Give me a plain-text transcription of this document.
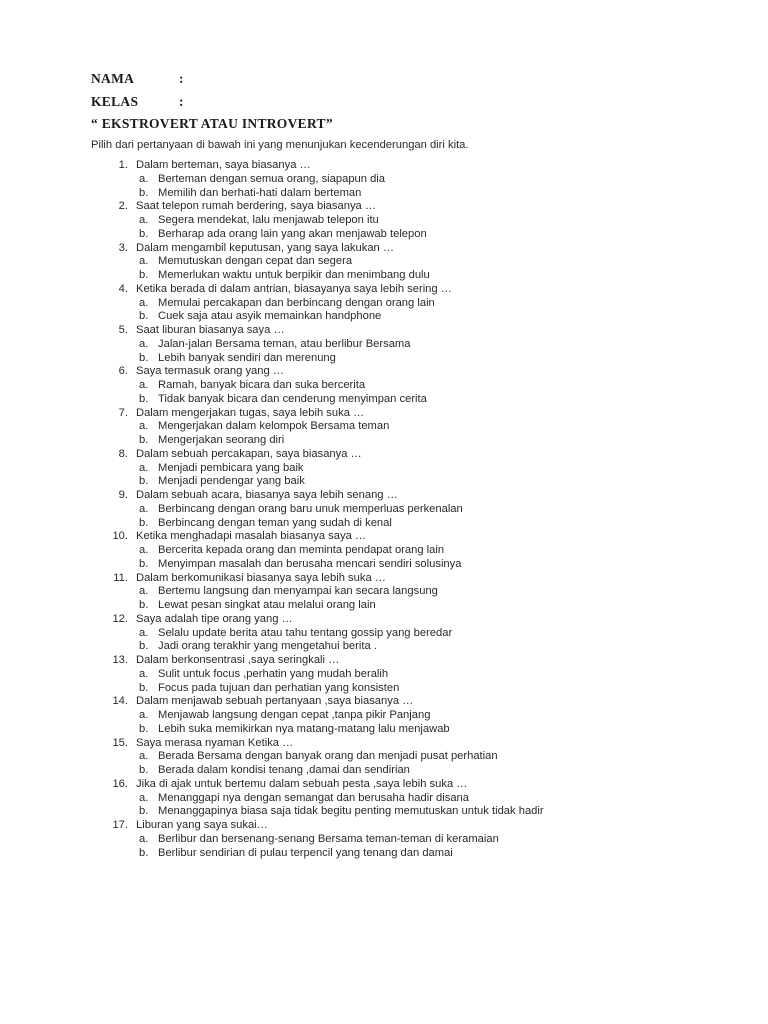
NAMA	:
KELAS	:
“ EKSTROVERT ATAU INTROVERT”
Pilih dari pertanyaan di bawah ini yang menunjukan kecenderungan diri kita.
1. Dalam berteman, saya biasanya …
a. Berteman dengan semua orang, siapapun dia
b. Memilih dan berhati-hati dalam berteman
2. Saat telepon rumah berdering, saya biasanya …
a. Segera mendekat, lalu menjawab telepon itu
b. Berharap ada orang lain yang akan menjawab telepon
3. Dalam mengambil keputusan, yang saya lakukan …
a. Memutuskan dengan cepat dan segera
b. Memerlukan waktu untuk berpikir dan menimbang dulu
4. Ketika berada di dalam antrian, biasayanya saya lebih sering …
a. Memulai percakapan dan berbincang dengan orang lain
b. Cuek saja atau asyik memainkan handphone
5. Saat liburan biasanya saya …
a. Jalan-jalan Bersama teman, atau berlibur Bersama
b. Lebih banyak sendiri dan merenung
6. Saya termasuk orang yang …
a. Ramah, banyak bicara dan suka bercerita
b. Tidak banyak bicara dan cenderung menyimpan cerita
7. Dalam mengerjakan tugas, saya lebih suka …
a. Mengerjakan dalam kelompok Bersama teman
b. Mengerjakan seorang diri
8. Dalam sebuah percakapan, saya biasanya …
a. Menjadi pembicara yang baik
b. Menjadi pendengar yang baik
9. Dalam sebuah acara, biasanya saya lebih senang …
a. Berbincang dengan orang baru unuk memperluas perkenalan
b. Berbincang dengan teman yang sudah di kenal
10. Ketika menghadapi masalah biasanya saya …
a. Bercerita kepada orang dan meminta pendapat orang lain
b. Menyimpan masalah dan berusaha mencari sendiri solusinya
11. Dalam berkomunikasi biasanya saya lebih suka …
a. Bertemu langsung dan menyampai kan secara langsung
b. Lewat pesan singkat atau melalui orang lain
12. Saya adalah tipe orang yang …
a. Selalu update berita atau tahu tentang gossip yang beredar
b. Jadi orang terakhir yang mengetahui berita .
13. Dalam berkonsentrasi ,saya seringkali …
a. Sulit untuk focus ,perhatin yang mudah beralih
b. Focus pada tujuan dan perhatian yang konsisten
14. Dalam menjawab sebuah pertanyaan ,saya biasanya …
a. Menjawab langsung dengan cepat ,tanpa pikir Panjang
b. Lebih suka memikirkan nya matang-matang lalu menjawab
15. Saya merasa nyaman Ketika …
a. Berada Bersama dengan banyak orang dan menjadi pusat perhatian
b. Berada dalam kondisi tenang ,damai dan sendirian
16. Jika di ajak untuk bertemu dalam sebuah pesta ,saya lebih suka …
a. Menanggapi nya dengan semangat dan berusaha hadir disana
b. Menanggapinya biasa saja tidak begitu penting memutuskan untuk tidak hadir
17. Liburan yang saya sukai…
a. Berlibur dan bersenang-senang Bersama teman-teman di keramaian
b. Berlibur sendirian di pulau terpencil yang tenang dan damai
